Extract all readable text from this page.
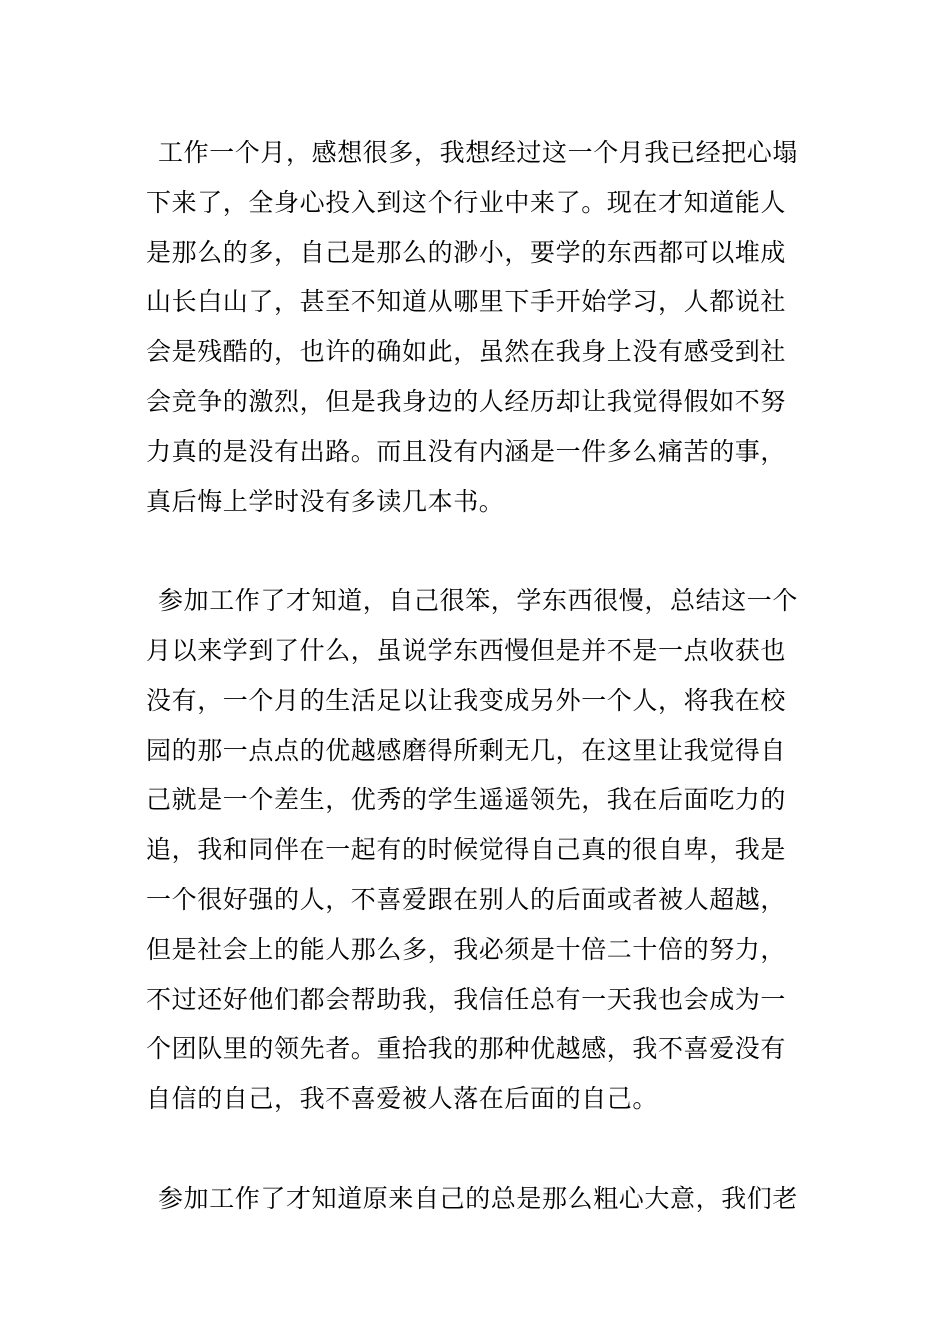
工作一个月，感想很多，我想经过这一个月我已经把心塌
下来了，全身心投入到这个行业中来了。现在才知道能人
是那么的多，自己是那么的渺小，要学的东西都可以堆成
山长白山了，甚至不知道从哪里下手开始学习，人都说社
会是残酷的，也许的确如此，虽然在我身上没有感受到社
会竞争的激烈，但是我身边的人经历却让我觉得假如不努
力真的是没有出路。而且没有内涵是一件多么痛苦的事，
真后悔上学时没有多读几本书。
参加工作了才知道，自己很笨，学东西很慢，总结这一个
月以来学到了什么，虽说学东西慢但是并不是一点收获也
没有，一个月的生活足以让我变成另外一个人，将我在校
园的那一点点的优越感磨得所剩无几，在这里让我觉得自
己就是一个差生，优秀的学生遥遥领先，我在后面吃力的
追，我和同伴在一起有的时候觉得自己真的很自卑，我是
一个很好强的人，不喜爱跟在别人的后面或者被人超越，
但是社会上的能人那么多，我必须是十倍二十倍的努力，
不过还好他们都会帮助我，我信任总有一天我也会成为一
个团队里的领先者。重拾我的那种优越感，我不喜爱没有
自信的自己，我不喜爱被人落在后面的自己。
参加工作了才知道原来自己的总是那么粗心大意，我们老
